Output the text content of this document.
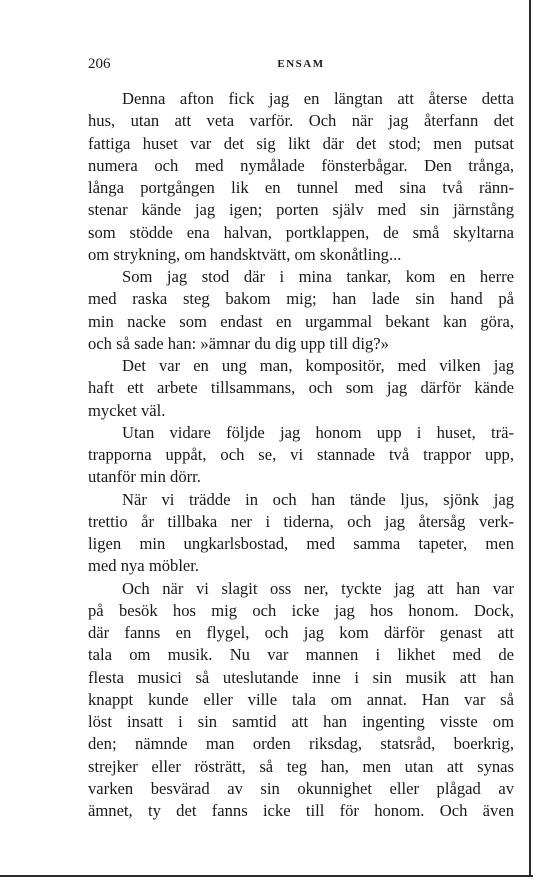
206	ENSAM
Denna afton fick jag en längtan att återse detta
hus, utan att veta varför. Och när jag återfann det
fattiga huset var det sig likt där det stod; men putsat
numera och med nymålade fönsterbågar. Den trånga,
långa portgången lik en tunnel med sina två ränn-
stenar kände jag igen; porten själv med sin järnstång
som stödde ena halvan, portklappen, de små skyltarna
om strykning, om handsktvätt, om skonåtling...
Som jag stod där i mina tankar, kom en herre
med raska steg bakom mig; han lade sin hand på
min nacke som endast en urgammal bekant kan göra,
och så sade han: »ämnar du dig upp till dig?»
Det var en ung man, kompositör, med vilken jag
haft ett arbete tillsammans, och som jag därför kände
mycket väl.
Utan vidare följde jag honom upp i huset, trä-
trapporna uppåt, och se, vi stannade två trappor upp,
utanför min dörr.
När vi trädde in och han tände ljus, sjönk jag
trettio år tillbaka ner i tiderna, och jag återsåg verk-
ligen min ungkarlsbostad, med samma tapeter, men
med nya möbler.
Och när vi slagit oss ner, tyckte jag att han var
på besök hos mig och icke jag hos honom. Dock,
där fanns en flygel, och jag kom därför genast att
tala om musik. Nu var mannen i likhet med de
flesta musici så uteslutande inne i sin musik att han
knappt kunde eller ville tala om annat. Han var så
löst insatt i sin samtid att han ingenting visste om
den; nämnde man orden riksdag, statsråd, boerkrig,
strejker eller rösträtt, så teg han, men utan att synas
varken besvärad av sin okunnighet eller plågad av
ämnet, ty det fanns icke till för honom. Och även
